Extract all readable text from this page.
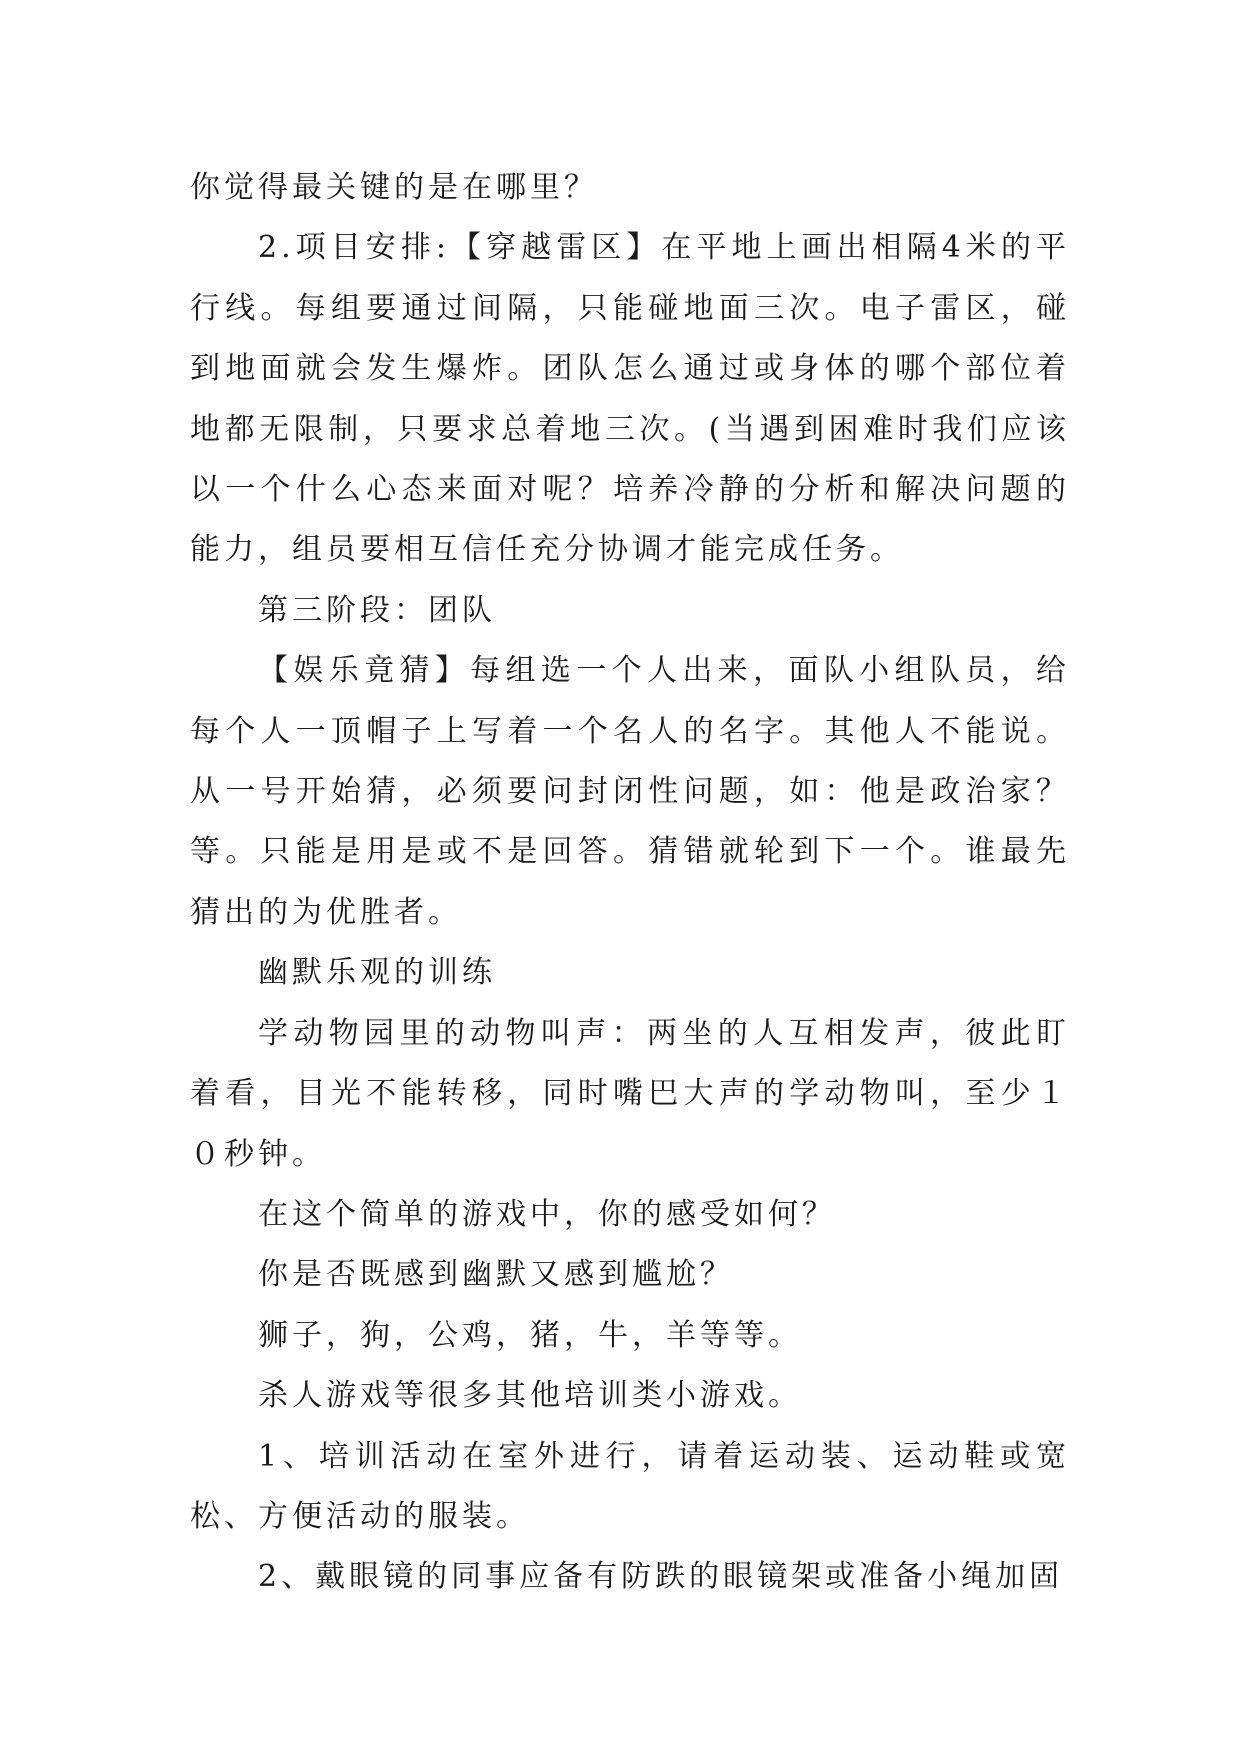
你觉得最关键的是在哪里？

2.项目安排:【穿越雷区】在平地上画出相隔4米的平行线。每组要通过间隔，只能碰地面三次。电子雷区，碰到地面就会发生爆炸。团队怎么通过或身体的哪个部位着地都无限制，只要求总着地三次。(当遇到困难时我们应该以一个什么心态来面对呢？培养冷静的分析和解决问题的能力，组员要相互信任充分协调才能完成任务。

第三阶段：团队

【娱乐竟猜】每组选一个人出来，面队小组队员，给每个人一顶帽子上写着一个名人的名字。其他人不能说。从一号开始猜，必须要问封闭性问题，如：他是政治家？等。只能是用是或不是回答。猜错就轮到下一个。谁最先猜出的为优胜者。

幽默乐观的训练

学动物园里的动物叫声：两坐的人互相发声，彼此盯着看，目光不能转移，同时嘴巴大声的学动物叫，至少１０秒钟。

在这个简单的游戏中，你的感受如何？

你是否既感到幽默又感到尴尬？

狮子，狗，公鸡，猪，牛，羊等等。

杀人游戏等很多其他培训类小游戏。

1、培训活动在室外进行，请着运动装、运动鞋或宽松、方便活动的服装。

2、戴眼镜的同事应备有防跌的眼镜架或准备小绳加固
